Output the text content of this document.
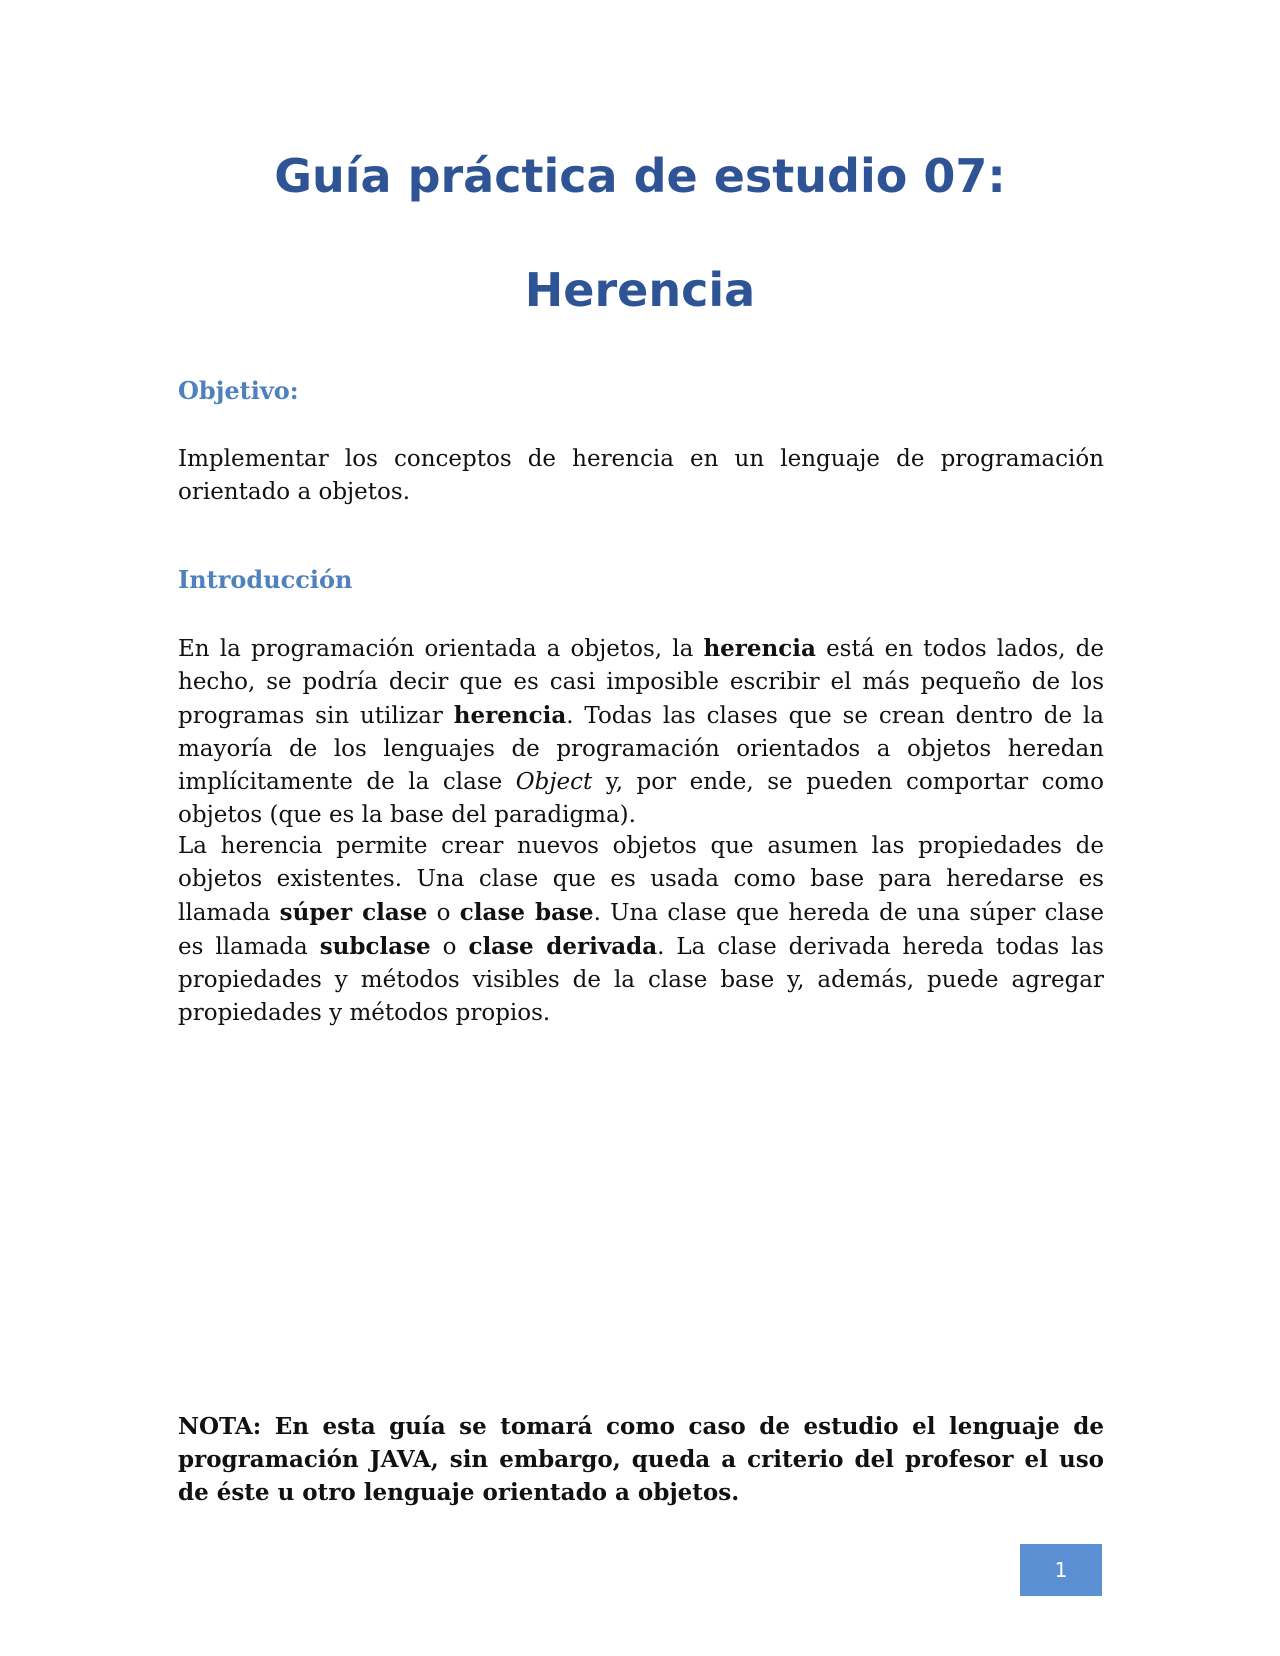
Guía práctica de estudio 07:
Herencia
Objetivo:

Implementar los conceptos de herencia en un lenguaje de programación orientado a objetos.

Introducción

En la programación orientada a objetos, la herencia está en todos lados, de hecho, se podría decir que es casi imposible escribir el más pequeño de los programas sin utilizar herencia. Todas las clases que se crean dentro de la mayoría de los lenguajes de programación orientados a objetos heredan implícitamente de la clase Object y, por ende, se pueden comportar como objetos (que es la base del paradigma).

La herencia permite crear nuevos objetos que asumen las propiedades de objetos existentes. Una clase que es usada como base para heredarse es llamada súper clase o clase base. Una clase que hereda de una súper clase es llamada subclase o clase derivada. La clase derivada hereda todas las propiedades y métodos visibles de la clase base y, además, puede agregar propiedades y métodos propios.

NOTA: En esta guía se tomará como caso de estudio el lenguaje de programación JAVA, sin embargo, queda a criterio del profesor el uso de éste u otro lenguaje orientado a objetos.

1
